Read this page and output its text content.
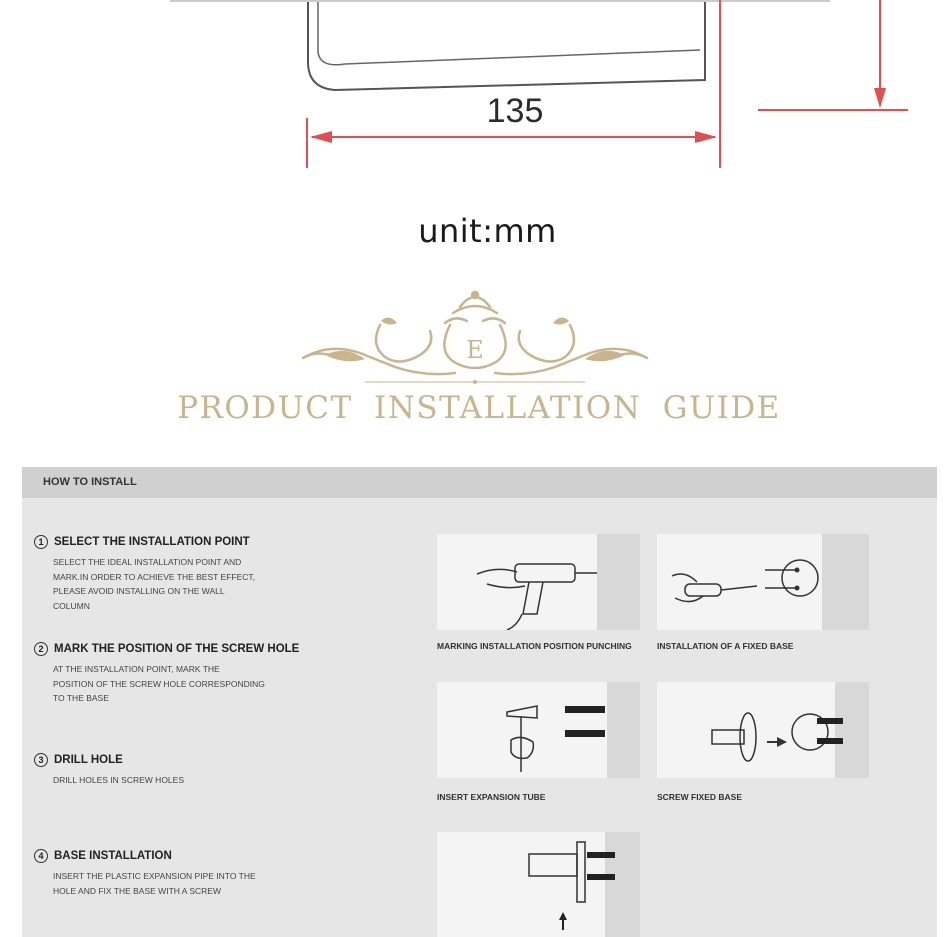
135
unit:mm
E
PRODUCT INSTALLATION GUIDE
HOW TO INSTALL
1 SELECT THE INSTALLATION POINT
SELECT THE IDEAL INSTALLATION POINT AND
MARK.IN ORDER TO ACHIEVE THE BEST EFFECT,
PLEASE AVOID INSTALLING ON THE WALL
COLUMN
2 MARK THE POSITION OF THE SCREW HOLE
AT THE INSTALLATION POINT, MARK THE
POSITION OF THE SCREW HOLE CORRESPONDING
TO THE BASE
3 DRILL HOLE
DRILL HOLES IN SCREW HOLES
4 BASE INSTALLATION
INSERT THE PLASTIC EXPANSION PIPE INTO THE
HOLE AND FIX THE BASE WITH A SCREW
MARKING INSTALLATION POSITION PUNCHING	INSTALLATION OF A FIXED BASE
INSERT EXPANSION TUBE	SCREW FIXED BASE
